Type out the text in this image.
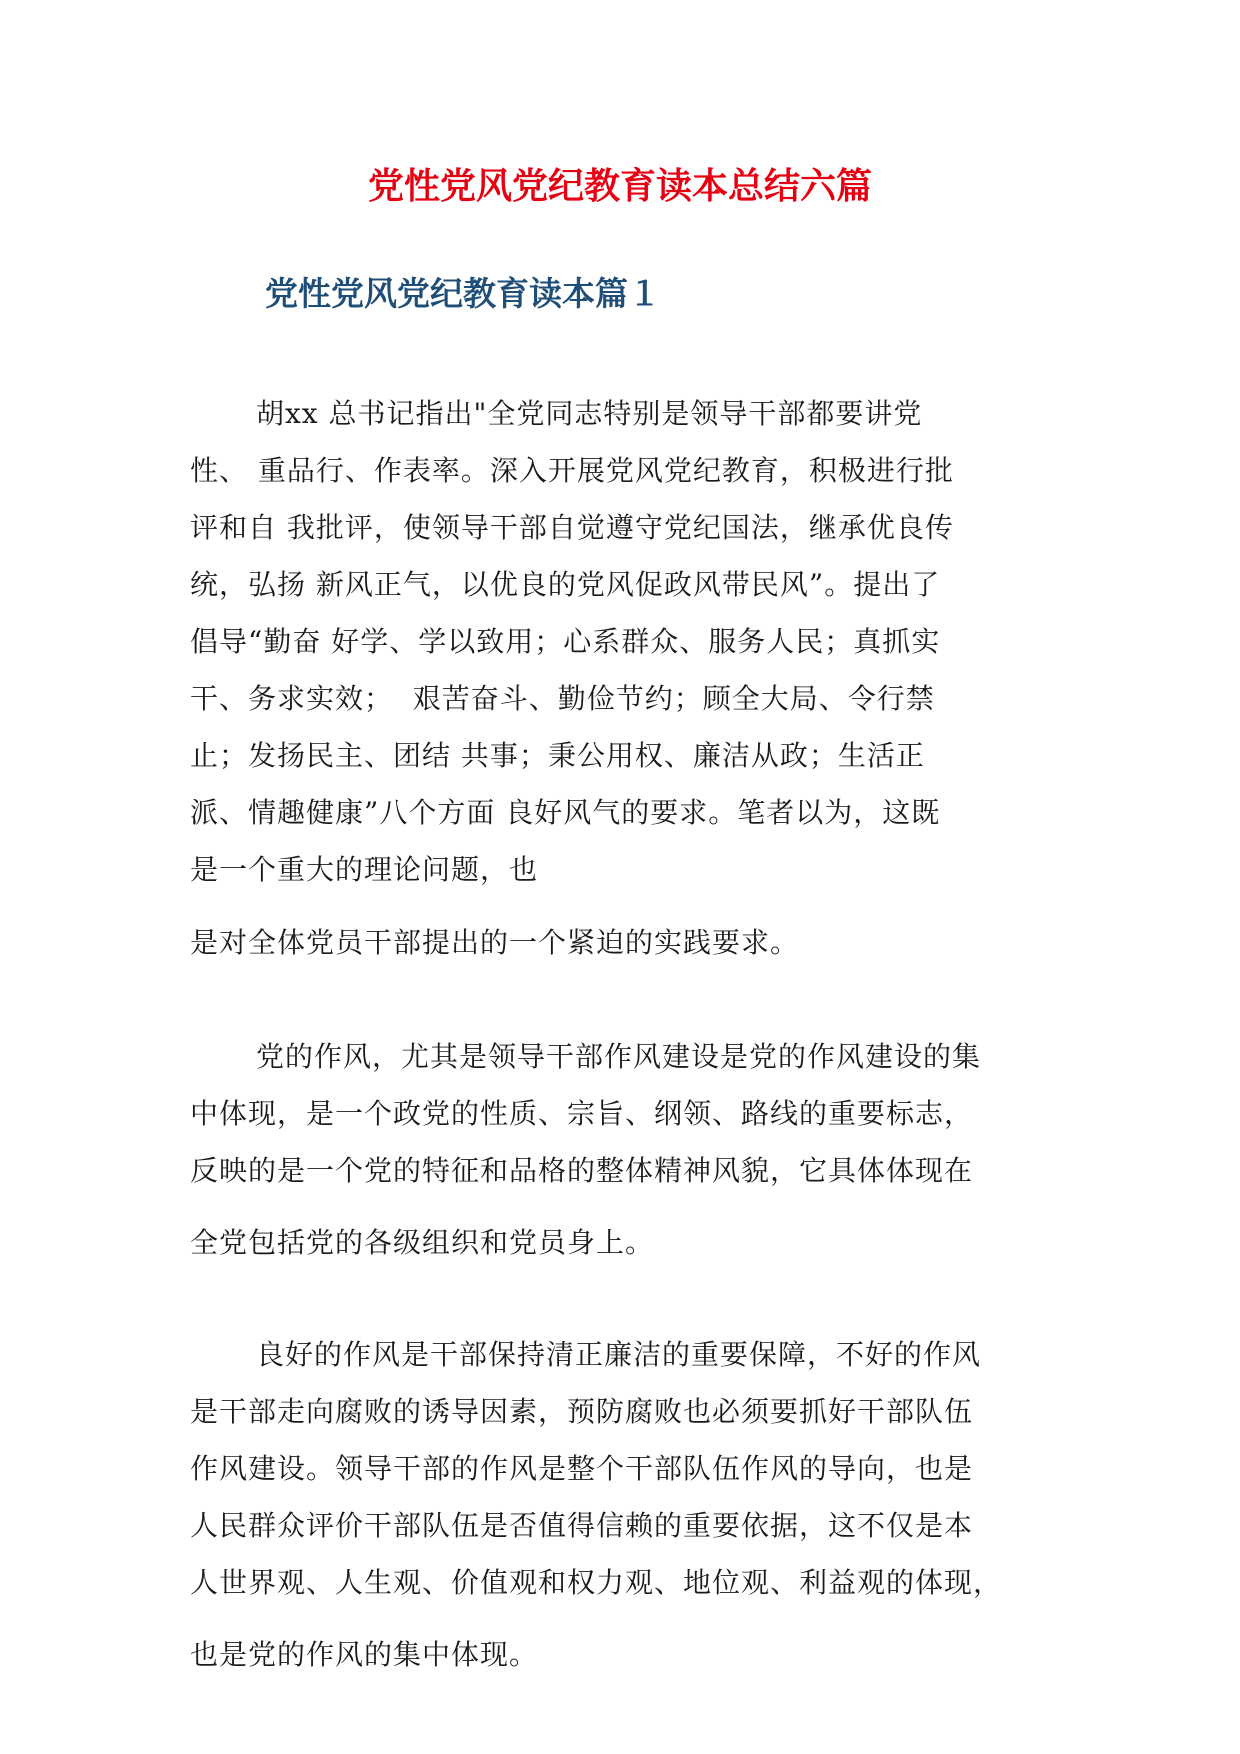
党性党风党纪教育读本总结六篇
党性党风党纪教育读本篇１
胡xx 总书记指出"全党同志特别是领导干部都要讲党
性、 重品行、作表率。深入开展党风党纪教育，积极进行批
评和自 我批评，使领导干部自觉遵守党纪国法，继承优良传
统，弘扬 新风正气，以优良的党风促政风带民风”。提出了
倡导“勤奋 好学、学以致用；心系群众、服务人民；真抓实
干、务求实效；  艰苦奋斗、勤俭节约；顾全大局、令行禁
止；发扬民主、团结 共事；秉公用权、廉洁从政；生活正
派、情趣健康”八个方面 良好风气的要求。笔者以为，这既
是一个重大的理论问题，也
是对全体党员干部提出的一个紧迫的实践要求。
党的作风，尤其是领导干部作风建设是党的作风建设的集
中体现，是一个政党的性质、宗旨、纲领、路线的重要标志，
反映的是一个党的特征和品格的整体精神风貌，它具体体现在
全党包括党的各级组织和党员身上。
良好的作风是干部保持清正廉洁的重要保障，不好的作风
是干部走向腐败的诱导因素，预防腐败也必须要抓好干部队伍
作风建设。领导干部的作风是整个干部队伍作风的导向，也是
人民群众评价干部队伍是否值得信赖的重要依据，这不仅是本
人世界观、人生观、价值观和权力观、地位观、利益观的体现，
也是党的作风的集中体现。
